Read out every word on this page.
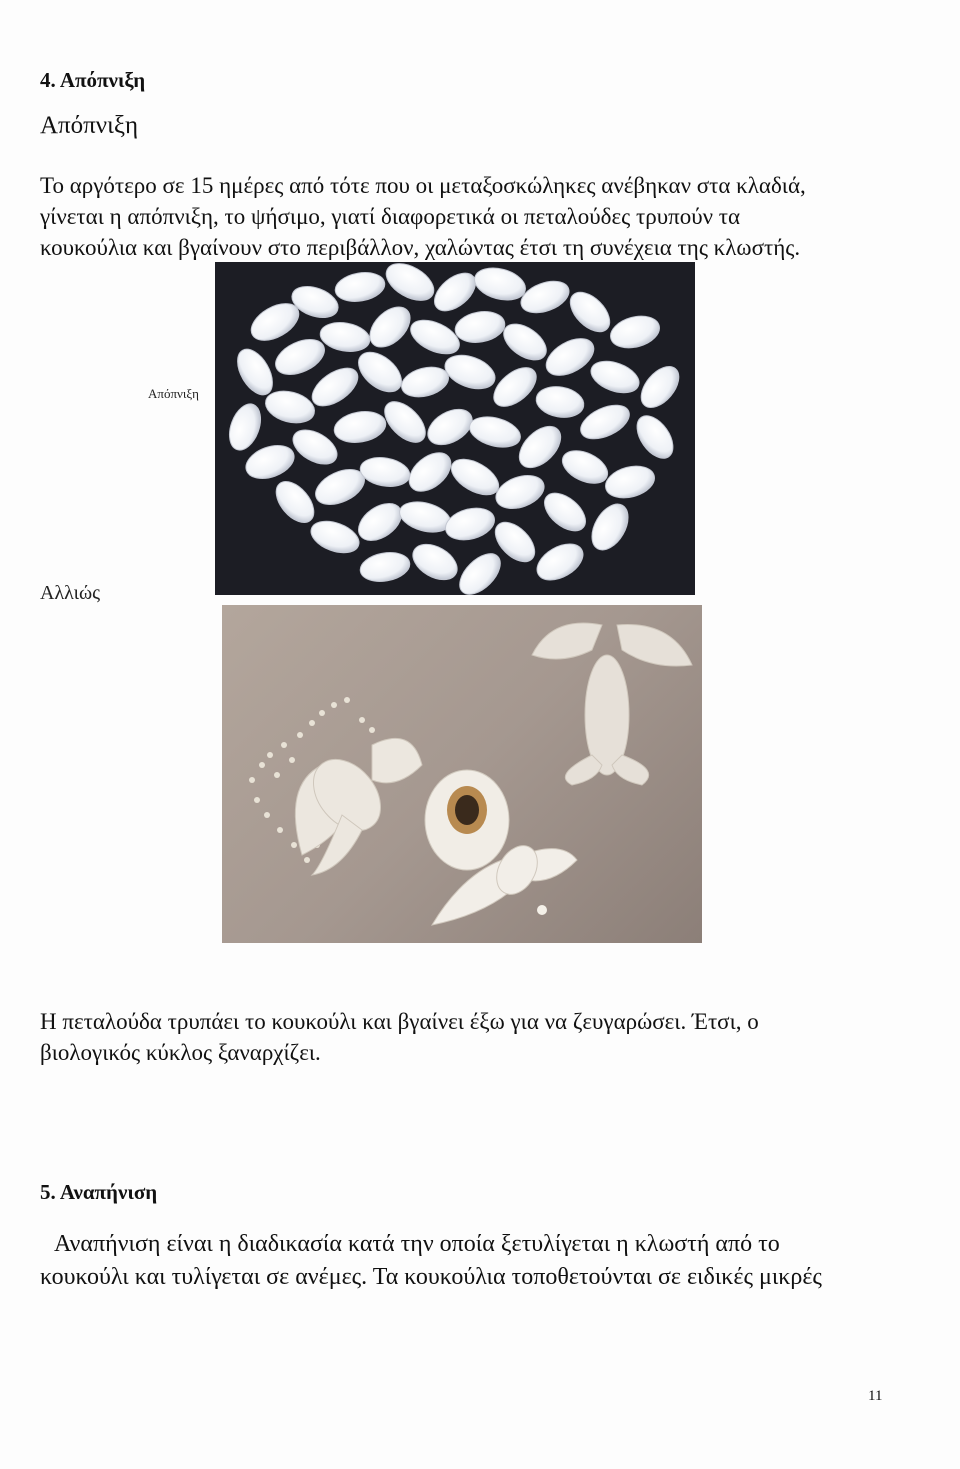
4. Απόπνιξη
Απόπνιξη
Το αργότερο σε 15 ημέρες από τότε που οι μεταξοσκώληκες ανέβηκαν στα κλαδιά,
γίνεται η απόπνιξη, το ψήσιμο, γιατί διαφορετικά οι πεταλούδες τρυπούν τα
κουκούλια και βγαίνουν στο περιβάλλον, χαλώντας έτσι τη συνέχεια της κλωστής.
Απόπνιξη
Αλλιώς
Η πεταλούδα τρυπάει το κουκούλι και βγαίνει έξω για να ζευγαρώσει. Έτσι, ο
βιολογικός κύκλος ξαναρχίζει.
5. Αναπήνιση
Αναπήνιση είναι η διαδικασία κατά την οποία ξετυλίγεται η κλωστή από το
κουκούλι και τυλίγεται σε ανέμες. Τα κουκούλια τοποθετούνται σε ειδικές μικρές
11
